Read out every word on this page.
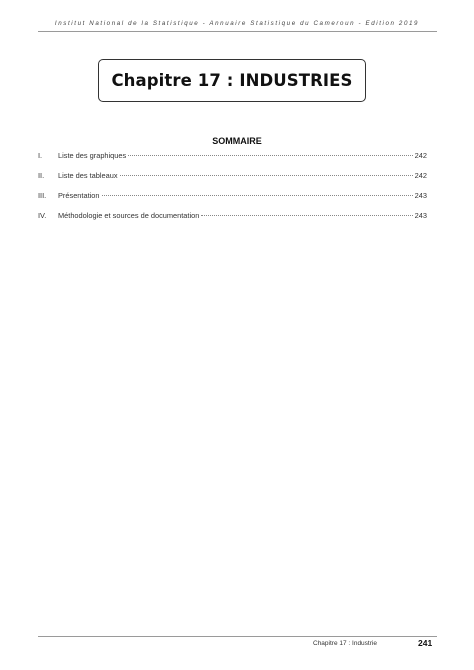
Institut National de la Statistique - Annuaire Statistique du Cameroun - Edition 2019
Chapitre 17 : INDUSTRIES
SOMMAIRE
I.	Liste des graphiques	242
II.	Liste des tableaux	242
III.	Présentation	243
IV.	Méthodologie et sources de documentation	243
Chapitre 17 : Industrie	241
